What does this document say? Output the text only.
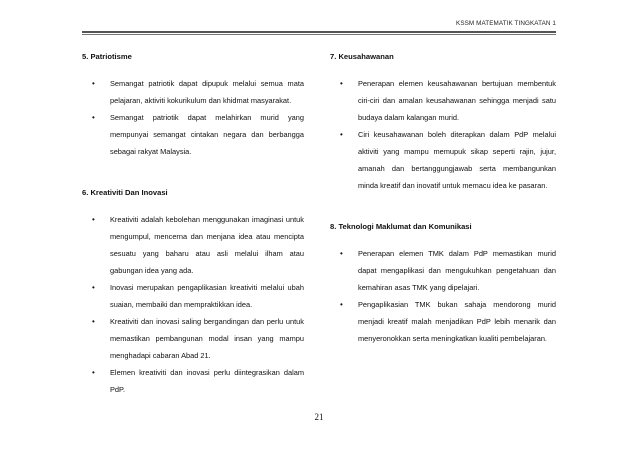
KSSM MATEMATIK TINGKATAN 1
5. Patriotisme
• Semangat patriotik dapat dipupuk melalui semua mata pelajaran, aktiviti kokurikulum dan khidmat masyarakat.
• Semangat patriotik dapat melahirkan murid yang mempunyai semangat cintakan negara dan berbangga sebagai rakyat Malaysia.
6. Kreativiti Dan Inovasi
• Kreativiti adalah kebolehan menggunakan imaginasi untuk mengumpul, mencerna dan menjana idea atau mencipta sesuatu yang baharu atau asli melalui ilham atau gabungan idea yang ada.
• Inovasi merupakan pengaplikasian kreativiti melalui ubah suaian, membaiki dan mempraktikkan idea.
• Kreativiti dan inovasi saling bergandingan dan perlu untuk memastikan pembangunan modal insan yang mampu menghadapi cabaran Abad 21.
• Elemen kreativiti dan inovasi perlu diintegrasikan dalam PdP.
7. Keusahawanan
• Penerapan elemen keusahawanan bertujuan membentuk ciri-ciri dan amalan keusahawanan sehingga menjadi satu budaya dalam kalangan murid.
• Ciri keusahawanan boleh diterapkan dalam PdP melalui aktiviti yang mampu memupuk sikap seperti rajin, jujur, amanah dan bertanggungjawab serta membangunkan minda kreatif dan inovatif untuk memacu idea ke pasaran.
8. Teknologi Maklumat dan Komunikasi
• Penerapan elemen TMK dalam PdP memastikan murid dapat mengaplikasi dan mengukuhkan pengetahuan dan kemahiran asas TMK yang dipelajari.
• Pengaplikasian TMK bukan sahaja mendorong murid menjadi kreatif malah menjadikan PdP lebih menarik dan menyeronokkan serta meningkatkan kualiti pembelajaran.
21
